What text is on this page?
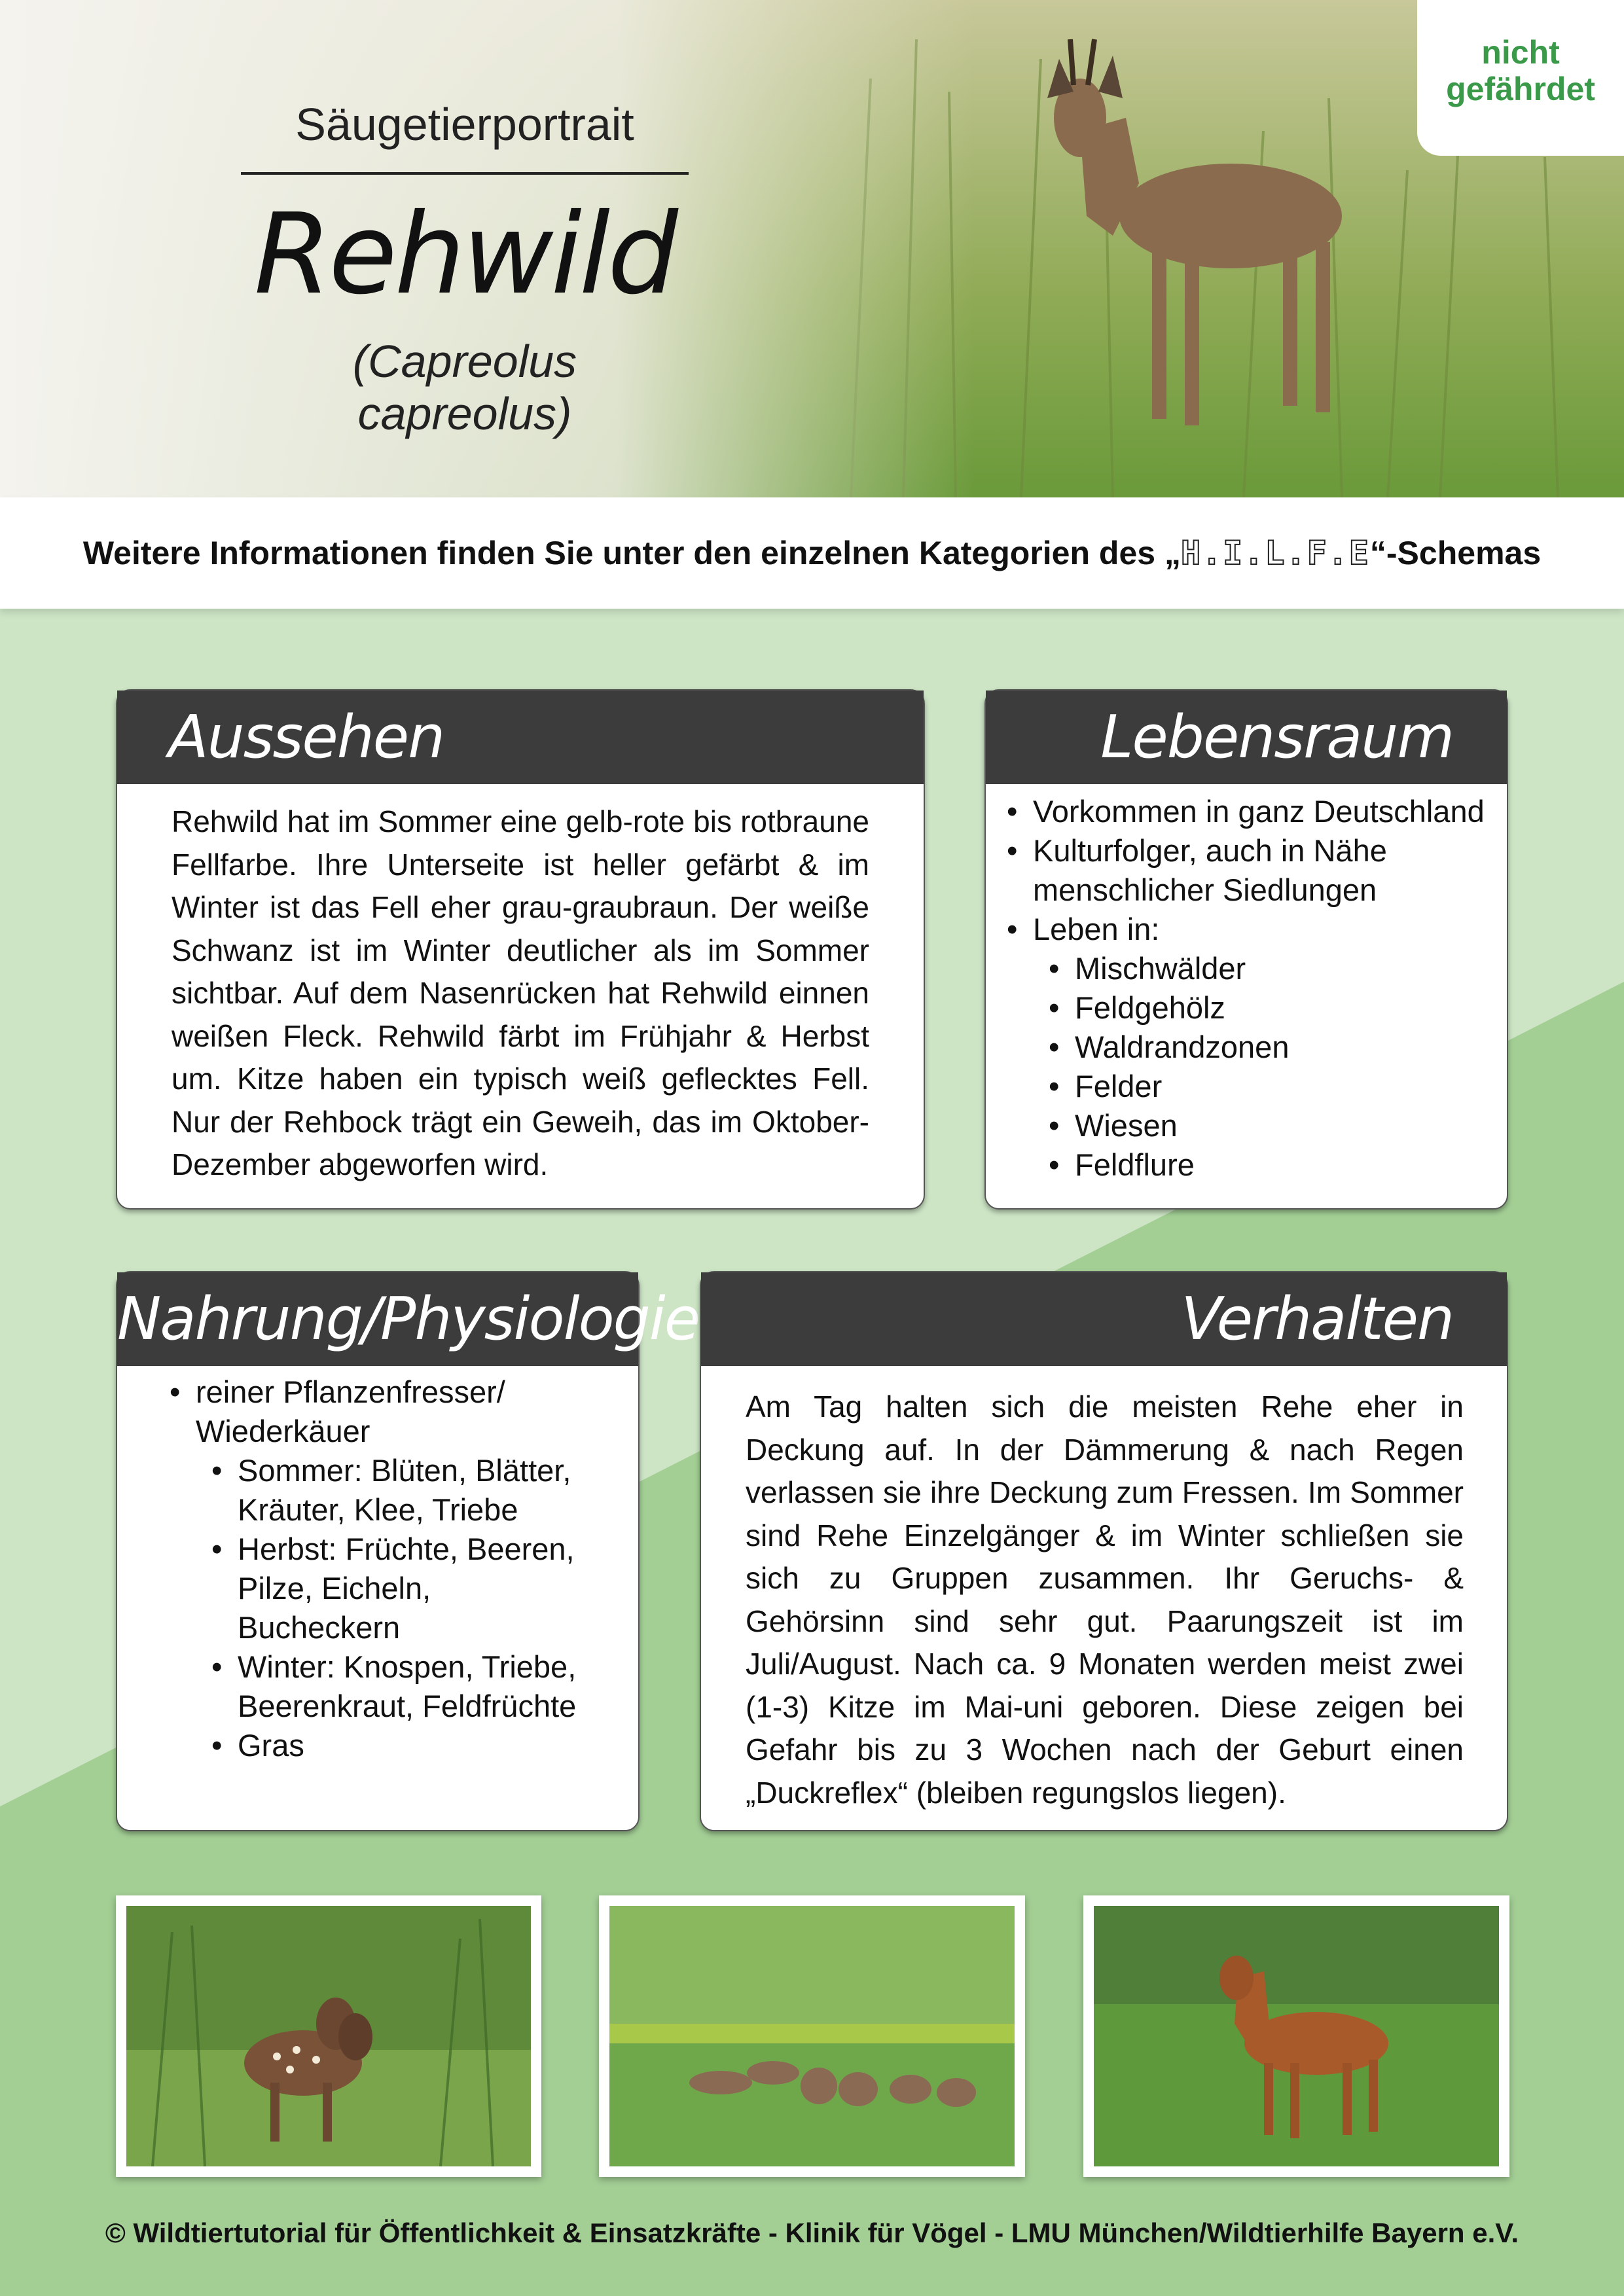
Säugetierportrait
Rehwild
(Capreolus capreolus)
nicht
gefährdet
Weitere Informationen finden Sie unter den einzelnen Kategorien des „H.I.L.F.E“-Schemas
Aussehen
Rehwild hat im Sommer eine gelb-rote bis rotbraune Fellfarbe. Ihre Unterseite ist heller gefärbt & im Winter ist das Fell eher grau-graubraun. Der weiße Schwanz ist im Winter deutlicher als im Sommer sichtbar. Auf dem Nasenrücken hat Rehwild einnen weißen Fleck. Rehwild färbt im Frühjahr & Herbst um. Kitze haben ein typisch weiß geflecktes Fell. Nur der Rehbock trägt ein Geweih, das im Oktober-Dezember abgeworfen wird.
Lebensraum
• Vorkommen in ganz Deutschland
• Kulturfolger, auch in Nähe menschlicher Siedlungen
• Leben in:
• Mischwälder
• Feldgehölz
• Waldrandzonen
• Felder
• Wiesen
• Feldflure
Nahrung/Physiologie
• reiner Pflanzenfresser/ Wiederkäuer
• Sommer: Blüten, Blätter, Kräuter, Klee, Triebe
• Herbst: Früchte, Beeren, Pilze, Eicheln, Bucheckern
• Winter: Knospen, Triebe, Beerenkraut, Feldfrüchte
• Gras
Verhalten
Am Tag halten sich die meisten Rehe eher in Deckung auf. In der Dämmerung & nach Regen verlassen sie ihre Deckung zum Fressen. Im Sommer sind Rehe Einzelgänger & im Winter schließen sie sich zu Gruppen zusammen. Ihr Geruchs- & Gehörsinn sind sehr gut. Paarungszeit ist im Juli/August. Nach ca. 9 Monaten werden meist zwei (1-3) Kitze im Mai-uni geboren. Diese zeigen bei Gefahr bis zu 3 Wochen nach der Geburt einen „Duckreflex“ (bleiben regungslos liegen).
© Wildtiertutorial für Öffentlichkeit & Einsatzkräfte - Klinik für Vögel - LMU München/Wildtierhilfe Bayern e.V.
